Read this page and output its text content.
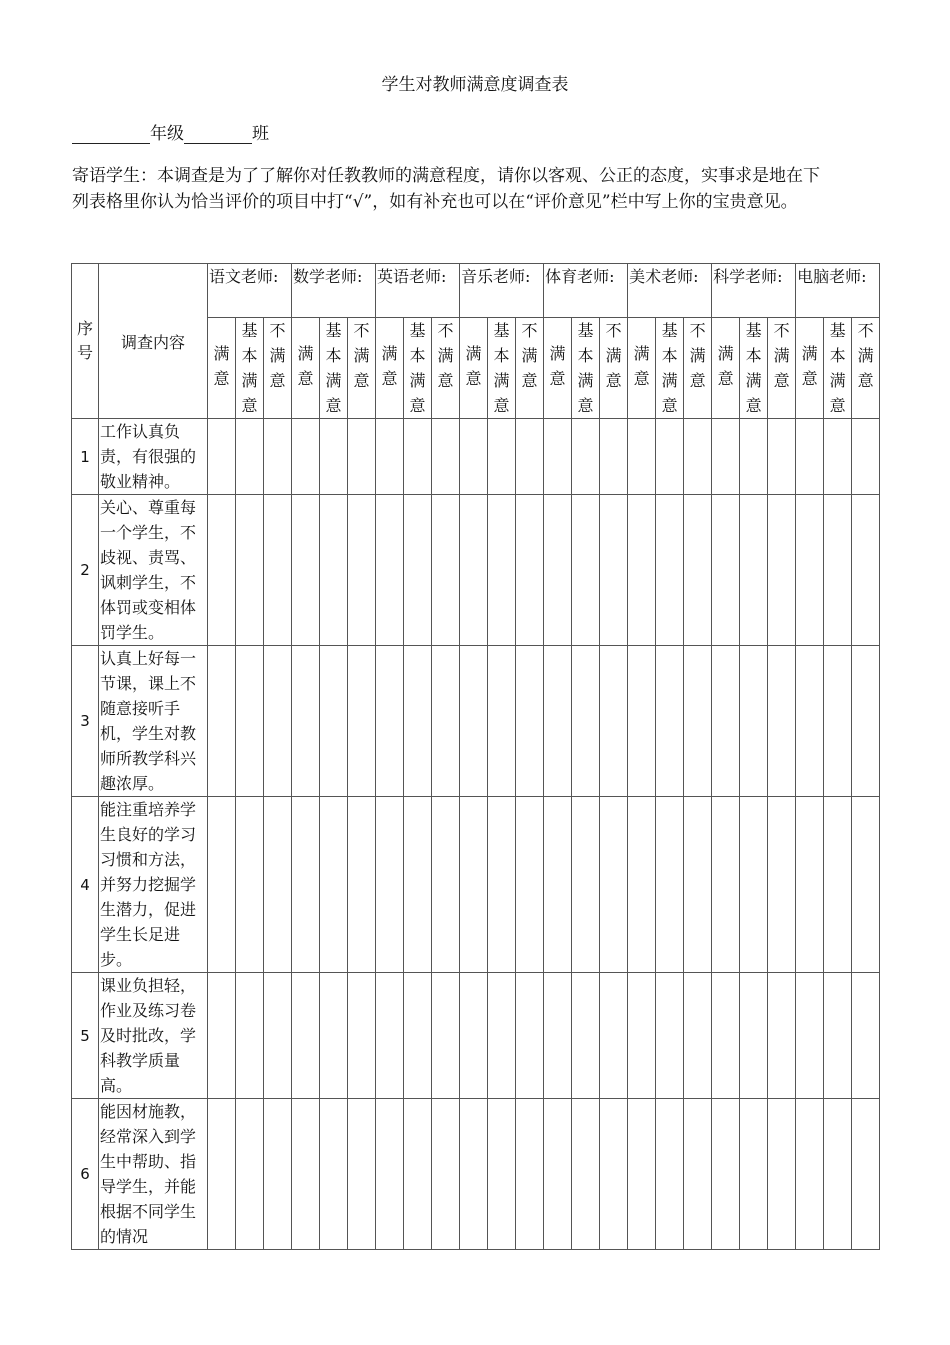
学生对教师满意度调查表
年级	班
寄语学生：本调查是为了了解你对任教教师的满意程度，请你以客观、公正的态度，实事求是地在下列表格里你认为恰当评价的项目中打“√”，如有补充也可以在“评价意见”栏中写上你的宝贵意见。
序号	调查内容	语文老师:			数学老师:			英语老师:			音乐老师:			体育老师:			美术老师:			科学老师:			电脑老师:		
		满意	基本满意	不满意	满意	基本满意	不满意	满意	基本满意	不满意	满意	基本满意	不满意	满意	基本满意	不满意	满意	基本满意	不满意	满意	基本满意	不满意	满意	基本满意	不满意
1	工作认真负责，有很强的敬业精神。																								
2	关心、尊重每一个学生，不歧视、责骂、讽刺学生，不体罚或变相体罚学生。																								
3	认真上好每一节课，课上不随意接听手机，学生对教师所教学科兴趣浓厚。																								
4	能注重培养学生良好的学习习惯和方法，并努力挖掘学生潜力，促进学生长足进步。																								
5	课业负担轻，作业及练习卷及时批改，学科教学质量高。																								
6	能因材施教，经常深入到学生中帮助、指导学生，并能根据不同学生的情况																								
